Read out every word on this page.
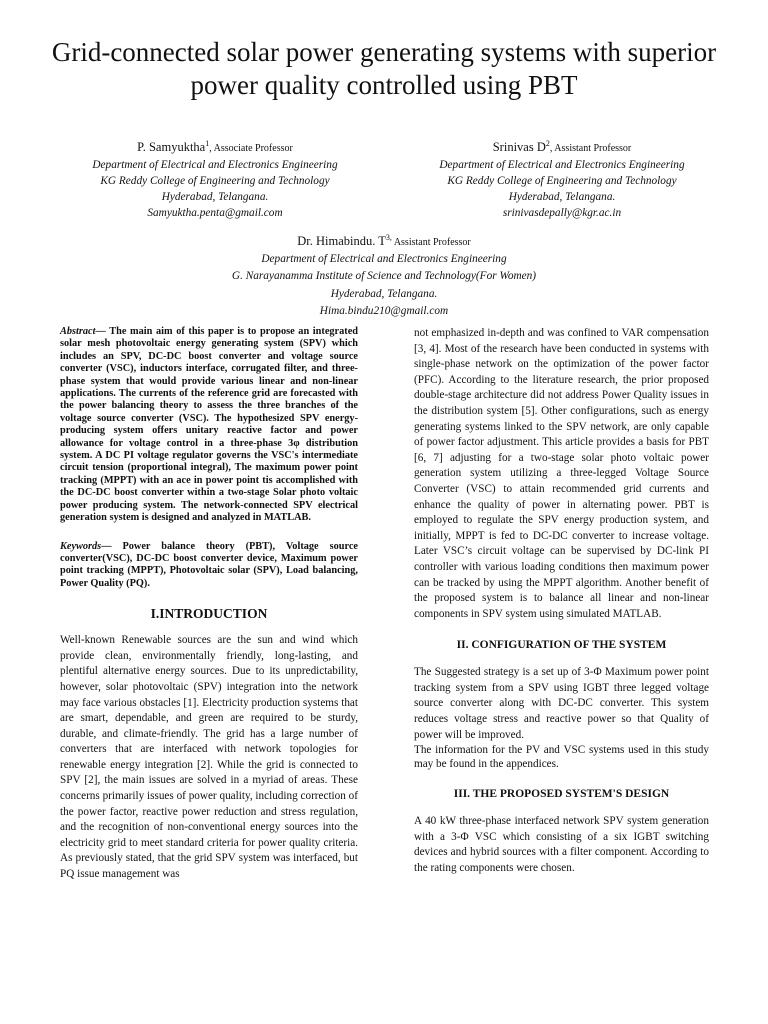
Grid-connected solar power generating systems with superior power quality controlled using PBT
P. Samyuktha$^1$, Associate Professor
Department of Electrical and Electronics Engineering
KG Reddy College of Engineering and Technology
Hyderabad, Telangana.
Samyuktha.penta@gmail.com
Srinivas $D^2$, Assistant Professor
Department of Electrical and Electronics Engineering
KG Reddy College of Engineering and Technology
Hyderabad, Telangana.
srinivasdepally@kgr.ac.in
Dr. Himabindu. $T^{3,}$ Assistant Professor
Department of Electrical and Electronics Engineering
G. Narayanamma Institute of Science and Technology(For Women)
Hyderabad, Telangana.
Hima.bindu210@gmail.com

Abstract— The main aim of this paper is to propose an integrated solar mesh photovoltaic energy generating system (SPV) which includes an SPV, DC-DC boost converter and voltage source converter (VSC), inductors interface, corrugated filter, and three-phase system that would provide various linear and non-linear applications. The currents of the reference grid are forecasted with the power balancing theory to assess the three branches of the voltage source converter (VSC). The hypothesized SPV energy-producing system offers unitary reactive factor and power allowance for voltage control in a three-phase 3φ distribution system. A DC PI voltage regulator governs the VSC's intermediate circuit tension (proportional integral), The maximum power point tracking (MPPT) with an ace in power point tis accomplished with the DC-DC boost converter within a two-stage Solar photo voltaic power producing system. The network-connected SPV electrical generation system is designed and analyzed in MATLAB.

Keywords— Power balance theory (PBT), Voltage source converter(VSC), DC-DC boost converter device, Maximum power point tracking (MPPT), Photovoltaic solar (SPV), Load balancing, Power Quality (PQ).

I.INTRODUCTION

Well-known Renewable sources are the sun and wind which provide clean, environmentally friendly, long-lasting, and plentiful alternative energy sources. Due to its unpredictability, however, solar photovoltaic (SPV) integration into the network may face various obstacles [1]. Electricity production systems that are smart, dependable, and green are required to be sturdy, durable, and climate-friendly. The grid has a large number of converters that are interfaced with network topologies for renewable energy integration [2]. While the grid is connected to SPV [2], the main issues are solved in a myriad of areas. These concerns primarily issues of power quality, including correction of the power factor, reactive power reduction and stress regulation, and the recognition of non-conventional energy sources into the electricity grid to meet standard criteria for power quality criteria. As previously stated, that the grid SPV system was interfaced, but PQ issue management was

not emphasized in-depth and was confined to VAR compensation [3, 4]. Most of the research have been conducted in systems with single-phase network on the optimization of the power factor (PFC). According to the literature research, the prior proposed double-stage architecture did not address Power Quality issues in the distribution system [5]. Other configurations, such as energy generating systems linked to the SPV network, are only capable of power factor adjustment. This article provides a basis for PBT [6, 7] adjusting for a two-stage solar photo voltaic power generation system utilizing a three-legged Voltage Source Converter (VSC) to attain recommended grid currents and enhance the quality of power in alternating power. PBT is employed to regulate the SPV energy production system, and initially, MPPT is fed to DC-DC converter to increase voltage. Later VSC’s circuit voltage can be supervised by DC-link PI controller with various loading conditions then maximum power can be tracked by using the MPPT algorithm. Another benefit of the proposed system is to balance all linear and non-linear components in SPV system using simulated MATLAB.

II. CONFIGURATION OF THE SYSTEM

The Suggested strategy is a set up of 3-Φ Maximum power point tracking system from a SPV using IGBT three legged voltage source converter along with DC-DC converter. This system reduces voltage stress and reactive power so that Quality of power will be improved.

The information for the PV and VSC systems used in this study may be found in the appendices.

III. THE PROPOSED SYSTEM'S DESIGN

A 40 kW three-phase interfaced network SPV system generation with a 3-Φ VSC which consisting of a six IGBT switching devices and hybrid sources with a filter component. According to the rating components were chosen.
